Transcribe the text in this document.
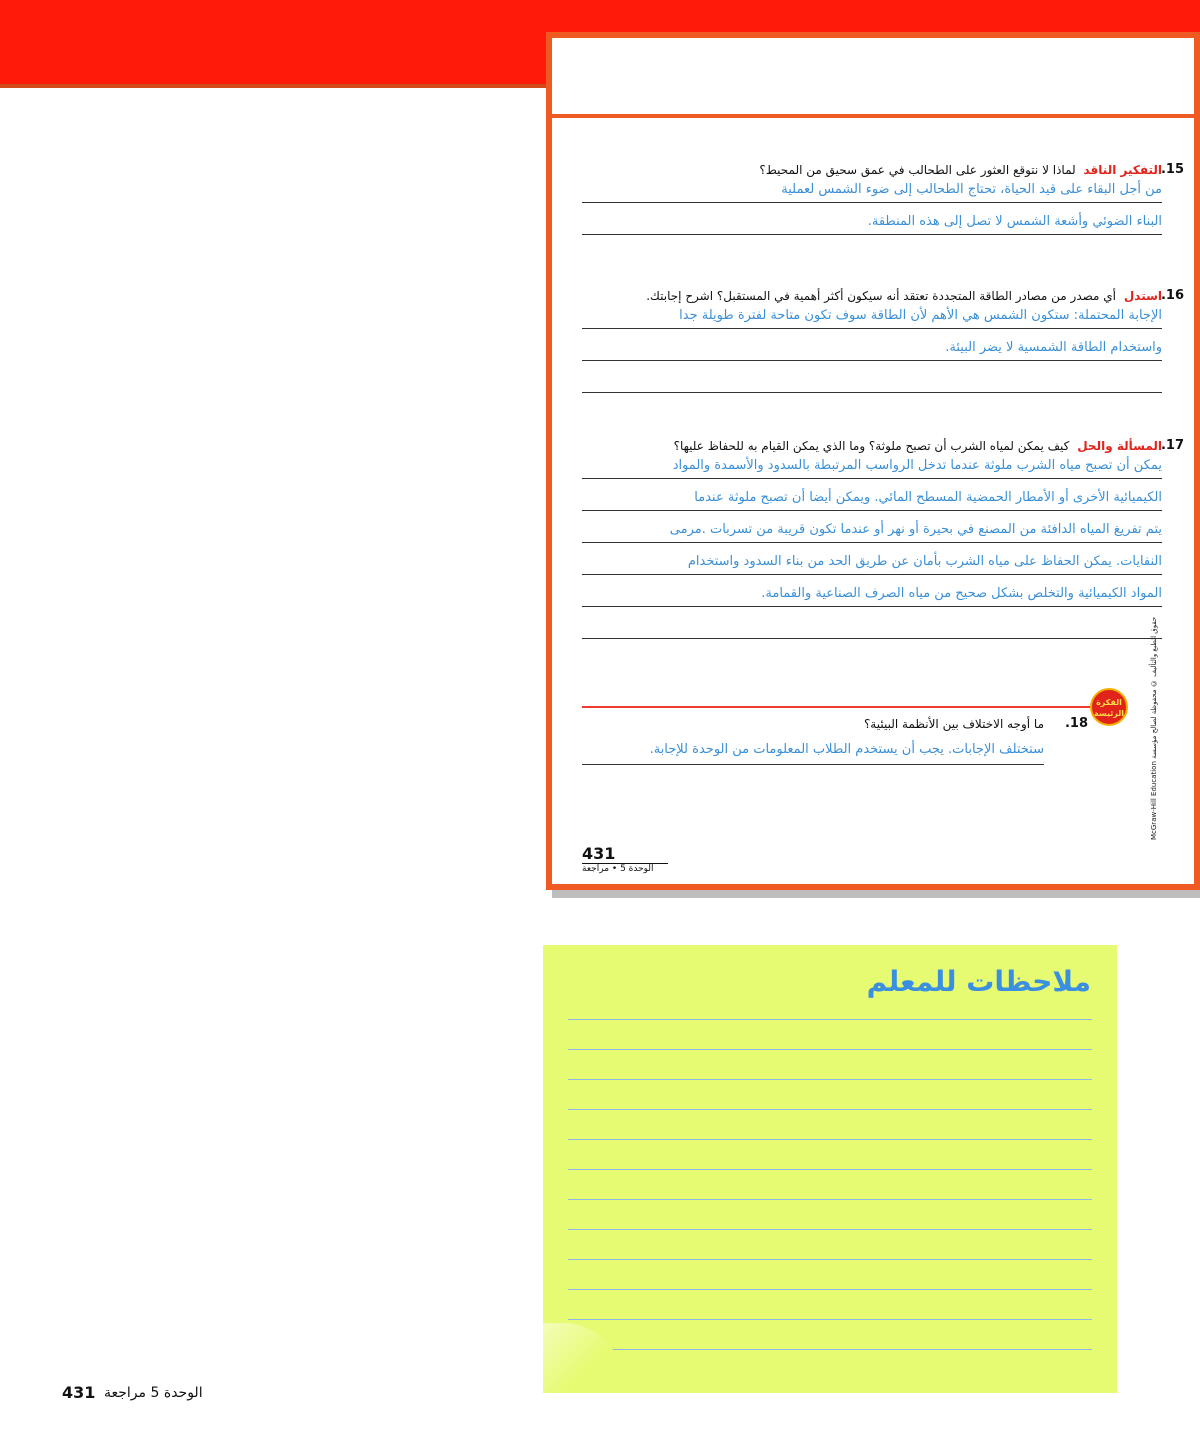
.15
التفكير الناقد لماذا لا نتوقع العثور على الطحالب في عمق سحيق من المحيط؟
من أجل البقاء على قيد الحياة، تحتاج الطحالب إلى ضوء الشمس لعملية
البناء الضوئي وأشعة الشمس لا تصل إلى هذه المنطقة.
.16
استدل أي مصدر من مصادر الطاقة المتجددة تعتقد أنه سيكون أكثر أهمية في المستقبل؟ اشرح إجابتك.
الإجابة المحتملة: ستكون الشمس هي الأهم لأن الطاقة سوف تكون متاحة لفترة طويلة جدا
واستخدام الطاقة الشمسية لا يضر البيئة.
.17
المسألة والحل كيف يمكن لمياه الشرب أن تصبح ملوثة؟ وما الذي يمكن القيام به للحفاظ عليها؟
يمكن أن تصبح مياه الشرب ملوثة عندما تدخل الرواسب المرتبطة بالسدود والأسمدة والمواد
الكيميائية الأخرى أو الأمطار الحمضية المسطح المائي. ويمكن أيضا أن تصبح ملوثة عندما
يتم تفريغ المياه الدافئة من المصنع في بحيرة أو نهر أو عندما تكون قريبة من تسربات .مرمى
النفايات. يمكن الحفاظ على مياه الشرب بأمان عن طريق الحد من بناء السدود واستخدام
المواد الكيميائية والتخلص بشكل صحيح من مياه الصرف الصناعية والقمامة.
الفكرة الرئيسة
.18
ما أوجه الاختلاف بين الأنظمة البيئية؟
ستختلف الإجابات. يجب أن يستخدم الطلاب المعلومات من الوحدة للإجابة.
431
الوحدة 5 • مراجعة
McGraw-Hill Education حقوق الطبع والتأليف © محفوظة لصالح مؤسسة
ملاحظات للمعلم
431 الوحدة 5 مراجعة
